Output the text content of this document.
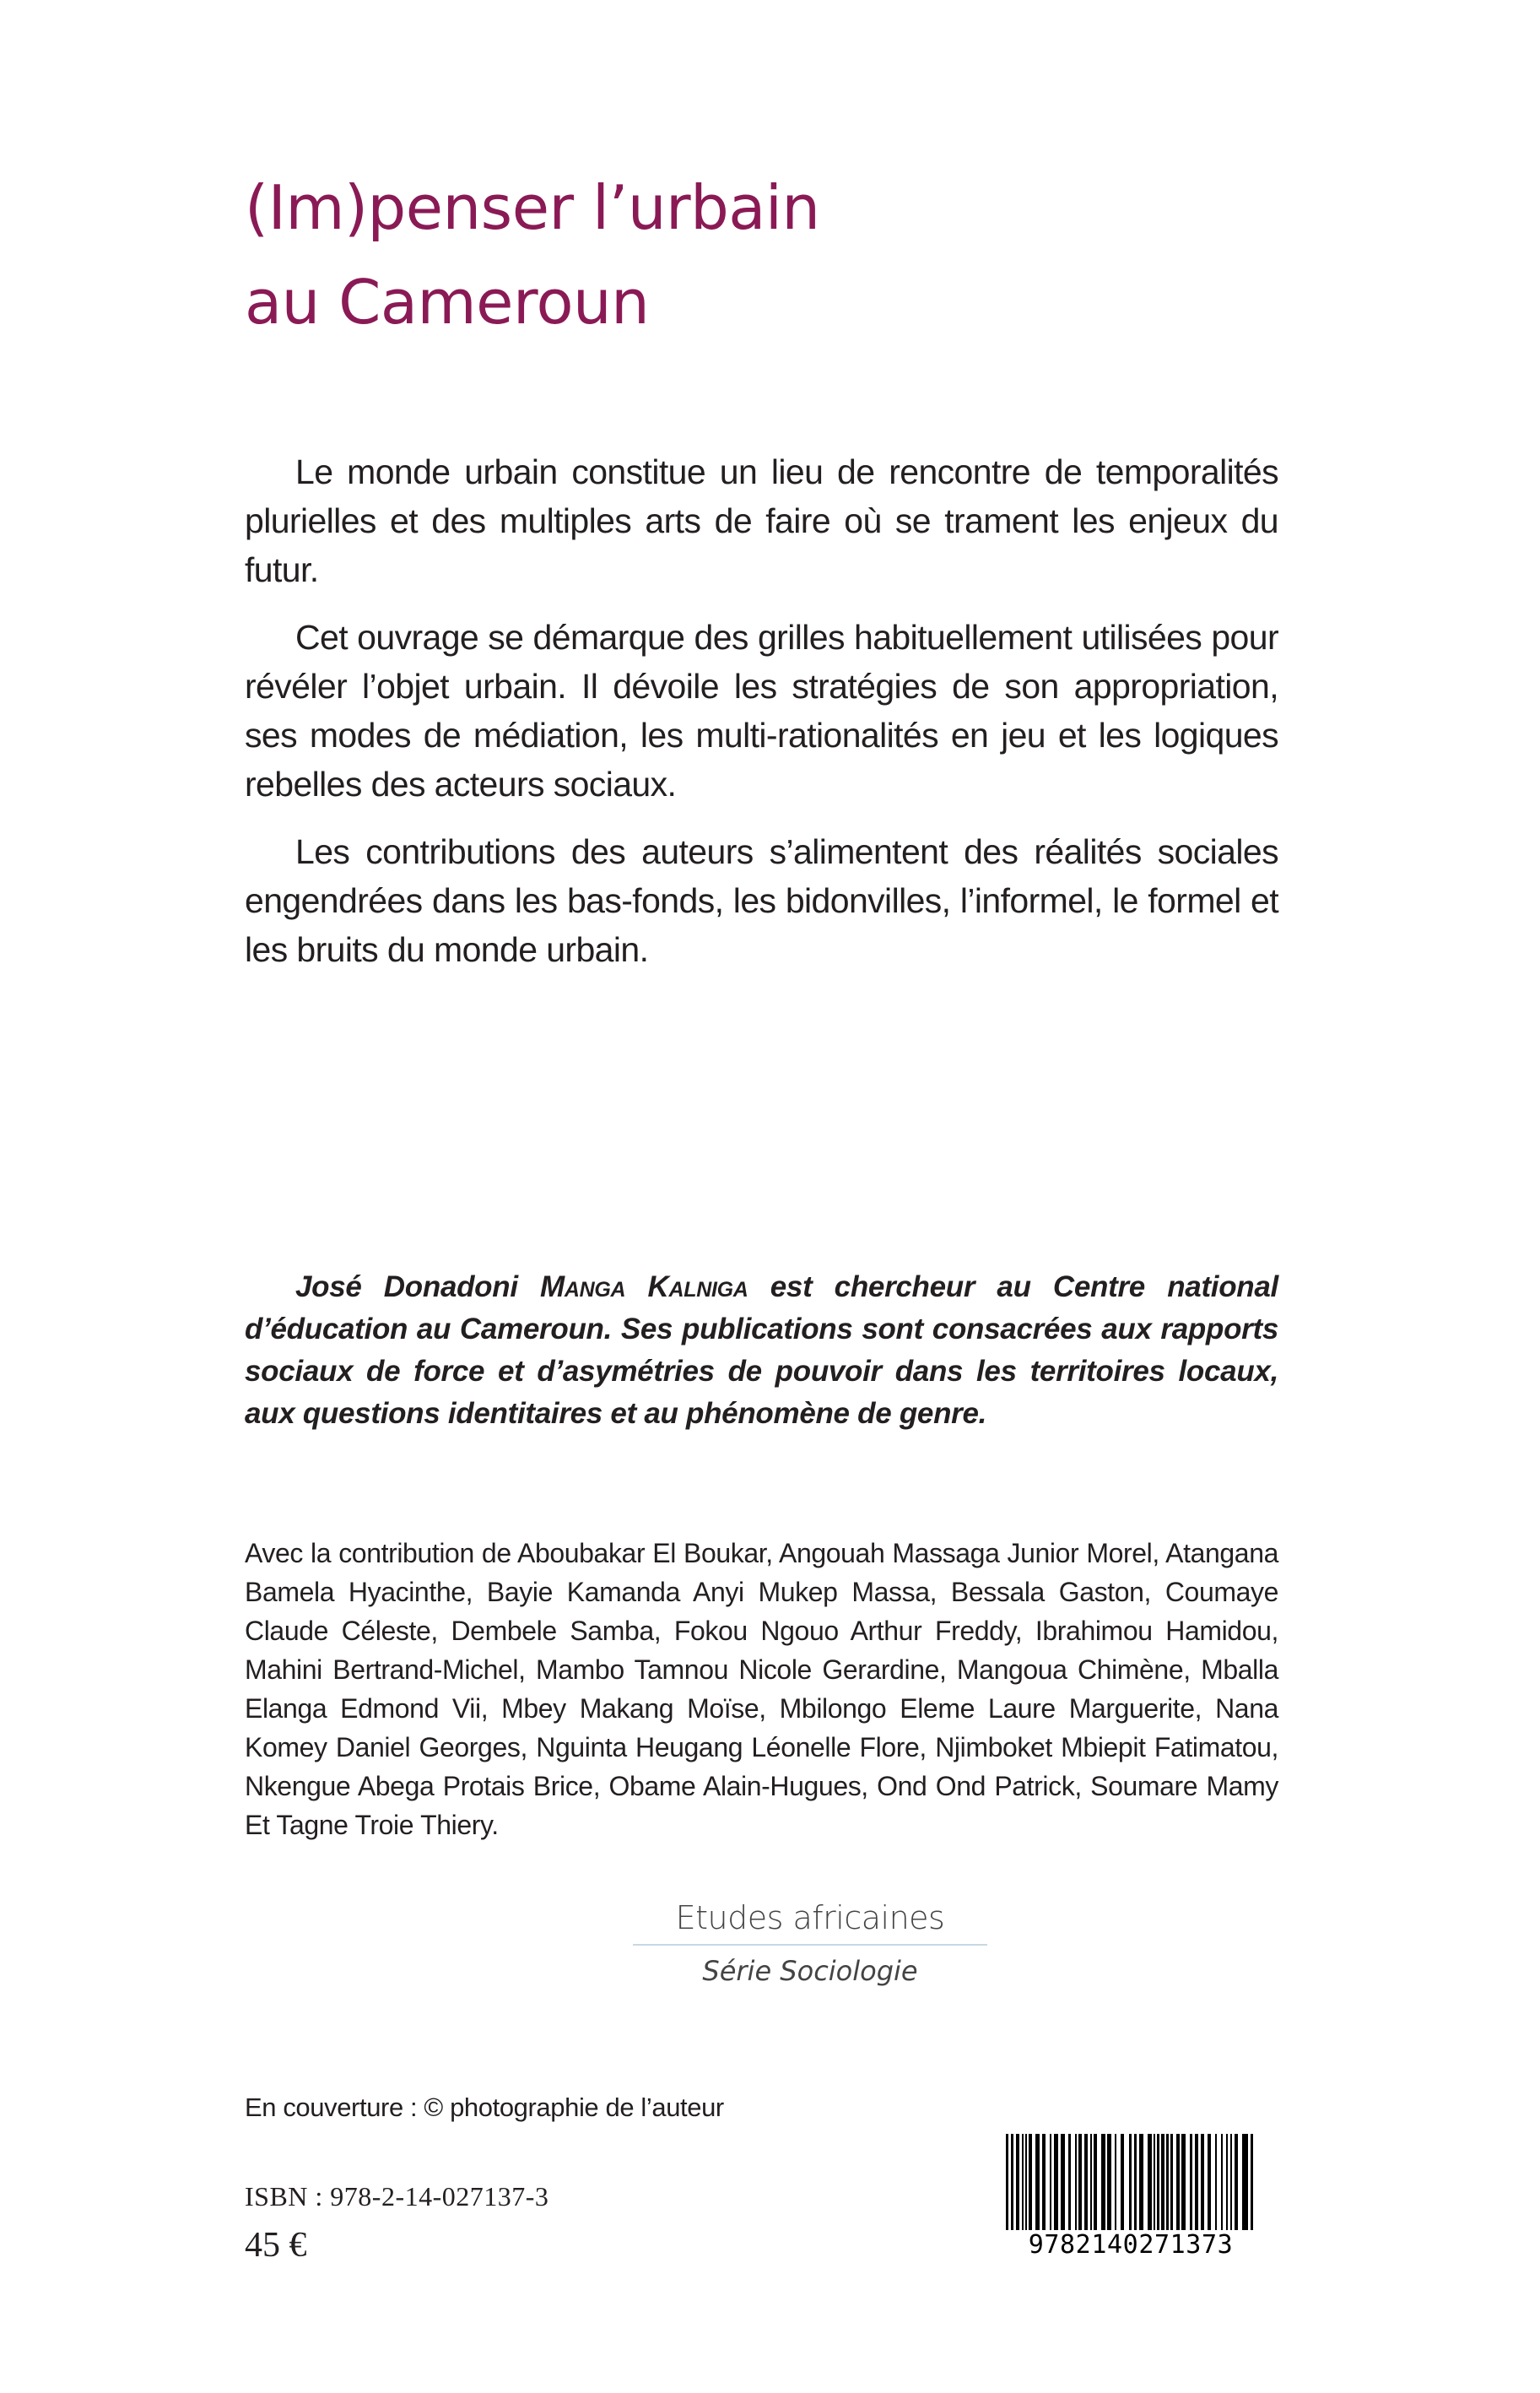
(Im)penser l’urbain
au Cameroun

Le monde urbain constitue un lieu de rencontre de temporalités plurielles et des multiples arts de faire où se trament les enjeux du futur.

Cet ouvrage se démarque des grilles habituellement utilisées pour révéler l’objet urbain. Il dévoile les stratégies de son appropriation, ses modes de médiation, les multi-rationalités en jeu et les logiques rebelles des acteurs sociaux.

Les contributions des auteurs s’alimentent des réalités sociales engendrées dans les bas-fonds, les bidonvilles, l’informel, le formel et les bruits du monde urbain.

José Donadoni Manga Kalniga est chercheur au Centre national d’éducation au Cameroun. Ses publications sont consacrées aux rapports sociaux de force et d’asymétries de pouvoir dans les territoires locaux, aux questions identitaires et au phénomène de genre.

Avec la contribution de Aboubakar El Boukar, Angouah Massaga Junior Morel, Atangana Bamela Hyacinthe, Bayie Kamanda Anyi Mukep Massa, Bessala Gaston, Coumaye Claude Céleste, Dembele Samba, Fokou Ngouo Arthur Freddy, Ibrahimou Hamidou, Mahini Bertrand-Michel, Mambo Tamnou Nicole Gerardine, Mangoua Chimène, Mballa Elanga Edmond Vii, Mbey Makang Moïse, Mbilongo Eleme Laure Marguerite, Nana Komey Daniel Georges, Nguinta Heugang Léonelle Flore, Njimboket Mbiepit Fatimatou, Nkengue Abega Protais Brice, Obame Alain-Hugues, Ond Ond Patrick, Soumare Mamy Et Tagne Troie Thiery.

Etudes africaines
Série Sociologie

En couverture : © photographie de l’auteur

ISBN : 978-2-14-027137-3

45 €	9782140271373
